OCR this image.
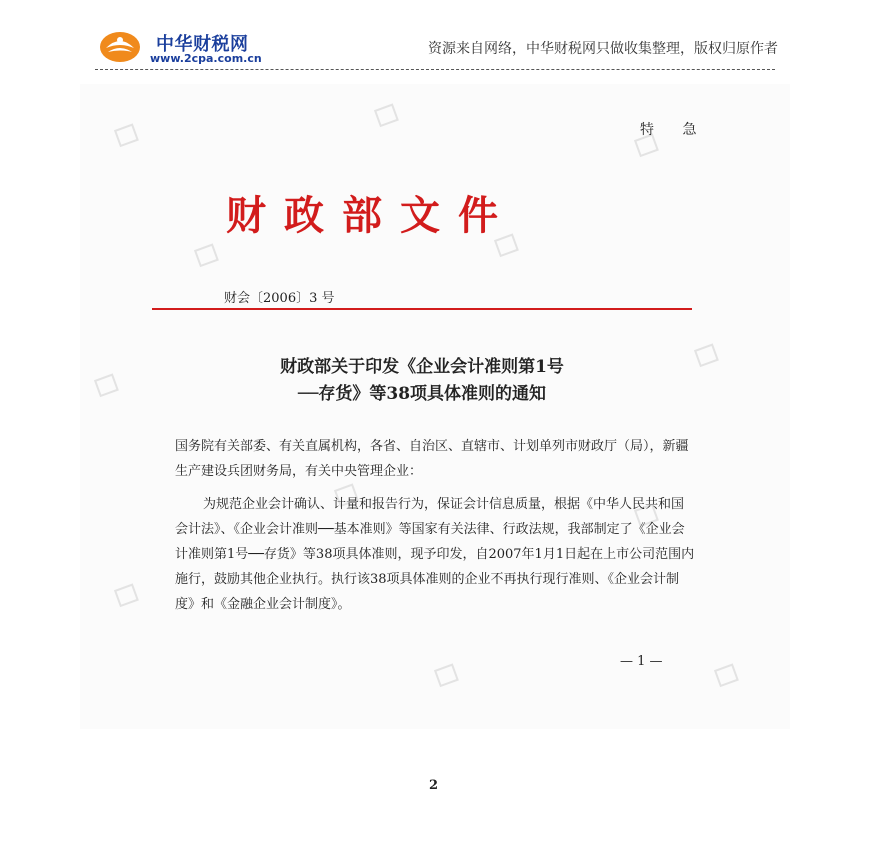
中华财税网
www.2cpa.com.cn
资源来自网络，中华财税网只做收集整理，版权归原作者
特 急
财政部文件
财会〔2006〕3 号
财政部关于印发《企业会计准则第1号
──存货》等38项具体准则的通知

国务院有关部委、有关直属机构，各省、自治区、直辖市、计划单列市财政厅（局），新疆生产建设兵团财务局，有关中央管理企业：

为规范企业会计确认、计量和报告行为，保证会计信息质量，根据《中华人民共和国会计法》、《企业会计准则──基本准则》等国家有关法律、行政法规，我部制定了《企业会计准则第1号──存货》等38项具体准则，现予印发，自2007年1月1日起在上市公司范围内施行，鼓励其他企业执行。执行该38项具体准则的企业不再执行现行准则、《企业会计制度》和《金融企业会计制度》。

— 1 —
2
